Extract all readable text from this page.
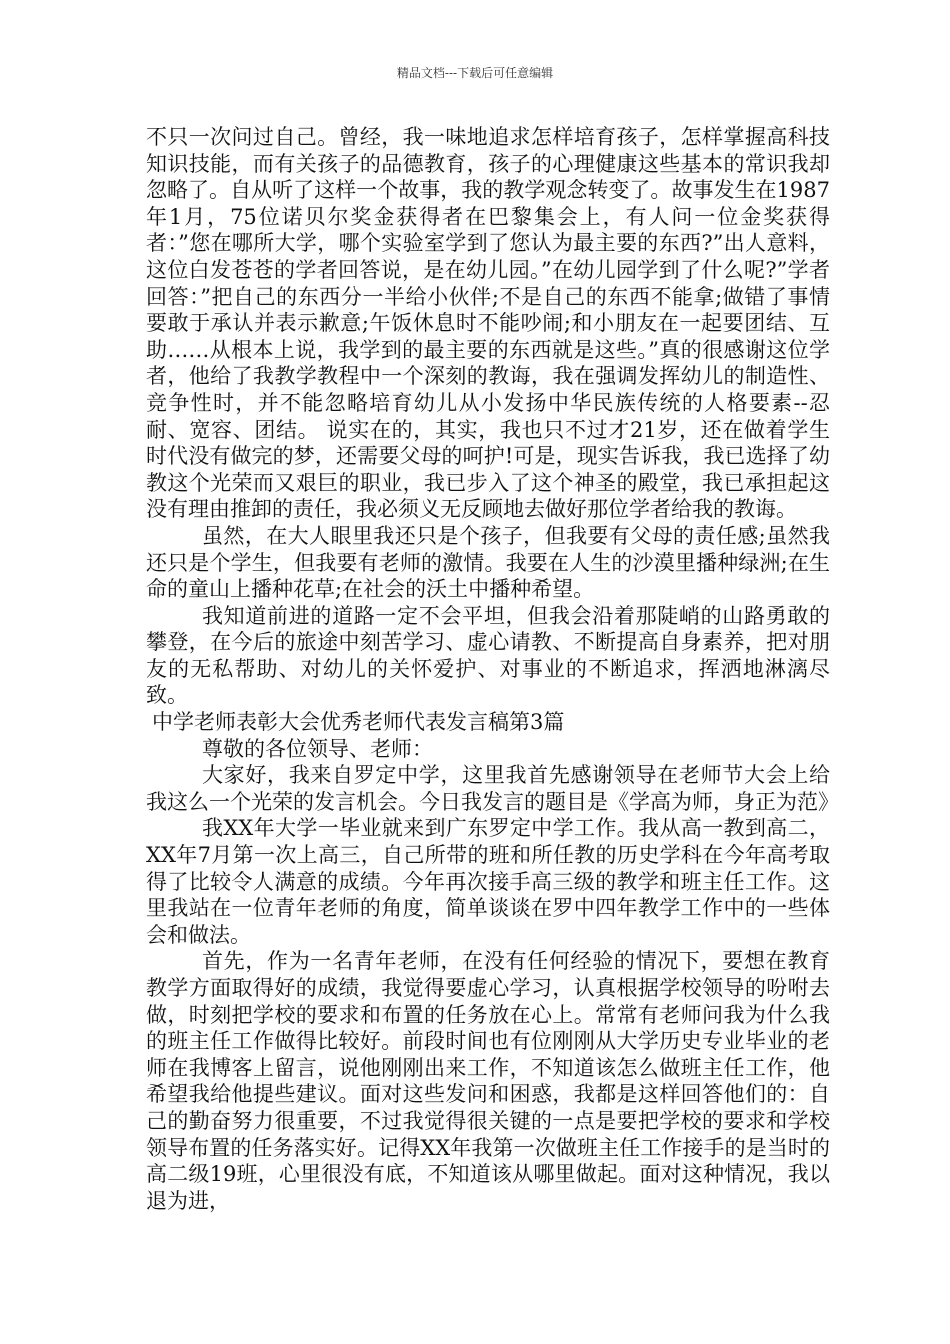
精品文档---下载后可任意编辑

不只一次问过自己。曾经，我一味地追求怎样培育孩子，怎样掌握高科技知识技能，而有关孩子的品德教育，孩子的心理健康这些基本的常识我却忽略了。自从听了这样一个故事，我的教学观念转变了。故事发生在1987年1月，75位诺贝尔奖金获得者在巴黎集会上，有人问一位金奖获得者：”您在哪所大学，哪个实验室学到了您认为最主要的东西?”出人意料，这位白发苍苍的学者回答说，是在幼儿园。”在幼儿园学到了什么呢?”学者回答：”把自己的东西分一半给小伙伴;不是自己的东西不能拿;做错了事情要敢于承认并表示歉意;午饭休息时不能吵闹;和小朋友在一起要团结、互助……从根本上说，我学到的最主要的东西就是这些。”真的很感谢这位学者，他给了我教学教程中一个深刻的教诲，我在强调发挥幼儿的制造性、竞争性时，并不能忽略培育幼儿从小发扬中华民族传统的人格要素--忍耐、宽容、团结。 说实在的，其实，我也只不过才21岁，还在做着学生时代没有做完的梦，还需要父母的呵护!可是，现实告诉我，我已选择了幼教这个光荣而又艰巨的职业，我已步入了这个神圣的殿堂，我已承担起这没有理由推卸的责任，我必须义无反顾地去做好那位学者给我的教诲。

虽然，在大人眼里我还只是个孩子，但我要有父母的责任感;虽然我还只是个学生，但我要有老师的激情。我要在人生的沙漠里播种绿洲;在生命的童山上播种花草;在社会的沃土中播种希望。

我知道前进的道路一定不会平坦，但我会沿着那陡峭的山路勇敢的攀登，在今后的旅途中刻苦学习、虚心请教、不断提高自身素养，把对朋友的无私帮助、对幼儿的关怀爱护、对事业的不断追求，挥洒地淋漓尽致。

中学老师表彰大会优秀老师代表发言稿第3篇

尊敬的各位领导、老师：

大家好，我来自罗定中学，这里我首先感谢领导在老师节大会上给我这么一个光荣的发言机会。今日我发言的题目是《学高为师，身正为范》

我XX年大学一毕业就来到广东罗定中学工作。我从高一教到高二，XX年7月第一次上高三，自己所带的班和所任教的历史学科在今年高考取得了比较令人满意的成绩。今年再次接手高三级的教学和班主任工作。这里我站在一位青年老师的角度，简单谈谈在罗中四年教学工作中的一些体会和做法。

首先，作为一名青年老师，在没有任何经验的情况下，要想在教育教学方面取得好的成绩，我觉得要虚心学习，认真根据学校领导的吩咐去做，时刻把学校的要求和布置的任务放在心上。常常有老师问我为什么我的班主任工作做得比较好。前段时间也有位刚刚从大学历史专业毕业的老师在我博客上留言，说他刚刚出来工作，不知道该怎么做班主任工作，他希望我给他提些建议。面对这些发问和困惑，我都是这样回答他们的：自己的勤奋努力很重要，不过我觉得很关键的一点是要把学校的要求和学校领导布置的任务落实好。记得XX年我第一次做班主任工作接手的是当时的高二级19班，心里很没有底，不知道该从哪里做起。面对这种情况，我以退为进，
